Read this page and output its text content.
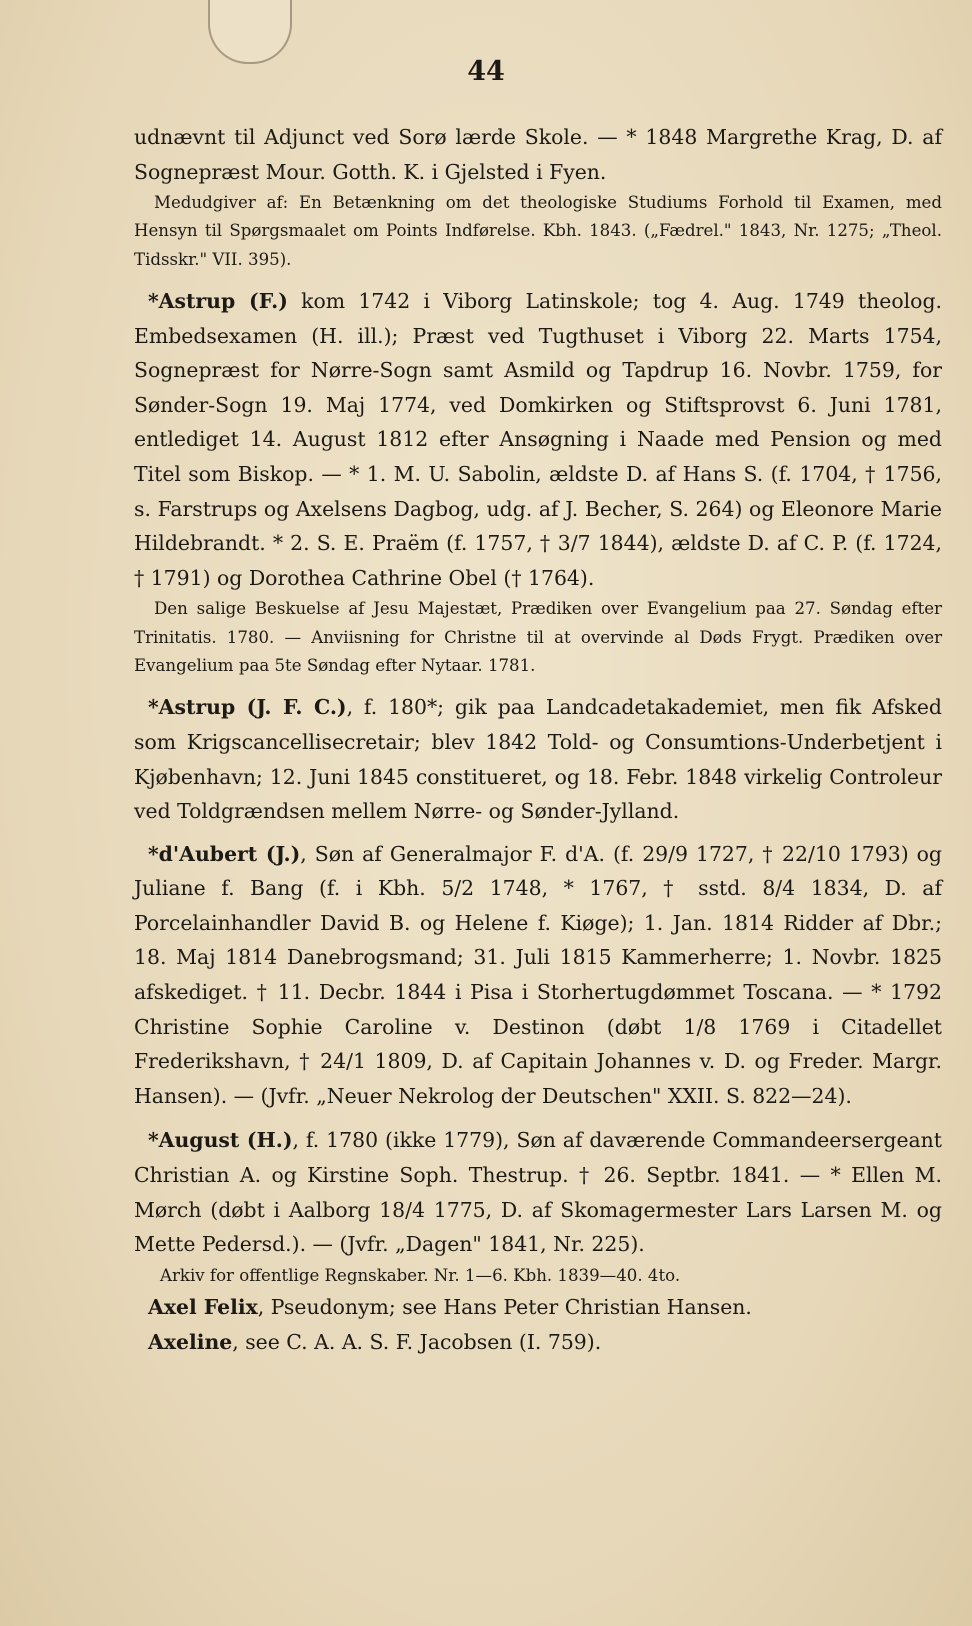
44

udnævnt til Adjunct ved Sorø lærde Skole. — * 1848 Margrethe Krag, D. af Sognepræst Mour. Gotth. K. i Gjelsted i Fyen.

Medudgiver af: En Betænkning om det theologiske Studiums Forhold til Examen, med Hensyn til Spørgsmaalet om Points Indførelse. Kbh. 1843. („Fædrel." 1843, Nr. 1275; „Theol. Tidsskr." VII. 395).

*Astrup (F.) kom 1742 i Viborg Latinskole; tog 4. Aug. 1749 theolog. Embedsexamen (H. ill.); Præst ved Tugthuset i Viborg 22. Marts 1754, Sognepræst for Nørre-Sogn samt Asmild og Tapdrup 16. Novbr. 1759, for Sønder-Sogn 19. Maj 1774, ved Domkirken og Stiftsprovst 6. Juni 1781, entlediget 14. August 1812 efter Ansøgning i Naade med Pension og med Titel som Biskop. — * 1. M. U. Sabolin, ældste D. af Hans S. (f. 1704, † 1756, s. Farstrups og Axelsens Dagbog, udg. af J. Becher, S. 264) og Eleonore Marie Hildebrandt. * 2. S. E. Praëm (f. 1757, † 3/7 1844), ældste D. af C. P. (f. 1724, † 1791) og Dorothea Cathrine Obel († 1764).

Den salige Beskuelse af Jesu Majestæt, Prædiken over Evangelium paa 27. Søndag efter Trinitatis. 1780. — Anviisning for Christne til at overvinde al Døds Frygt. Prædiken over Evangelium paa 5te Søndag efter Nytaar. 1781.

*Astrup (J. F. C.), f. 180*; gik paa Landcadetakademiet, men fik Afsked som Krigscancellisecretair; blev 1842 Told- og Consumtions-Underbetjent i Kjøbenhavn; 12. Juni 1845 constitueret, og 18. Febr. 1848 virkelig Controleur ved Toldgrændsen mellem Nørre- og Sønder-Jylland.

*d'Aubert (J.), Søn af Generalmajor F. d'A. (f. 29/9 1727, † 22/10 1793) og Juliane f. Bang (f. i Kbh. 5/2 1748, * 1767, † sstd. 8/4 1834, D. af Porcelainhandler David B. og Helene f. Kiøge); 1. Jan. 1814 Ridder af Dbr.; 18. Maj 1814 Danebrogsmand; 31. Juli 1815 Kammerherre; 1. Novbr. 1825 afskediget. † 11. Decbr. 1844 i Pisa i Storhertugdømmet Toscana. — * 1792 Christine Sophie Caroline v. Destinon (døbt 1/8 1769 i Citadellet Frederikshavn, † 24/1 1809, D. af Capitain Johannes v. D. og Freder. Margr. Hansen). — (Jvfr. „Neuer Nekrolog der Deutschen" XXII. S. 822—24).

*August (H.), f. 1780 (ikke 1779), Søn af daværende Commandeersergeant Christian A. og Kirstine Soph. Thestrup. † 26. Septbr. 1841. — * Ellen M. Mørch (døbt i Aalborg 18/4 1775, D. af Skomagermester Lars Larsen M. og Mette Pedersd.). — (Jvfr. „Dagen" 1841, Nr. 225).

Arkiv for offentlige Regnskaber. Nr. 1—6. Kbh. 1839—40. 4to.

Axel Felix, Pseudonym; see Hans Peter Christian Hansen.

Axeline, see C. A. A. S. F. Jacobsen (I. 759).
